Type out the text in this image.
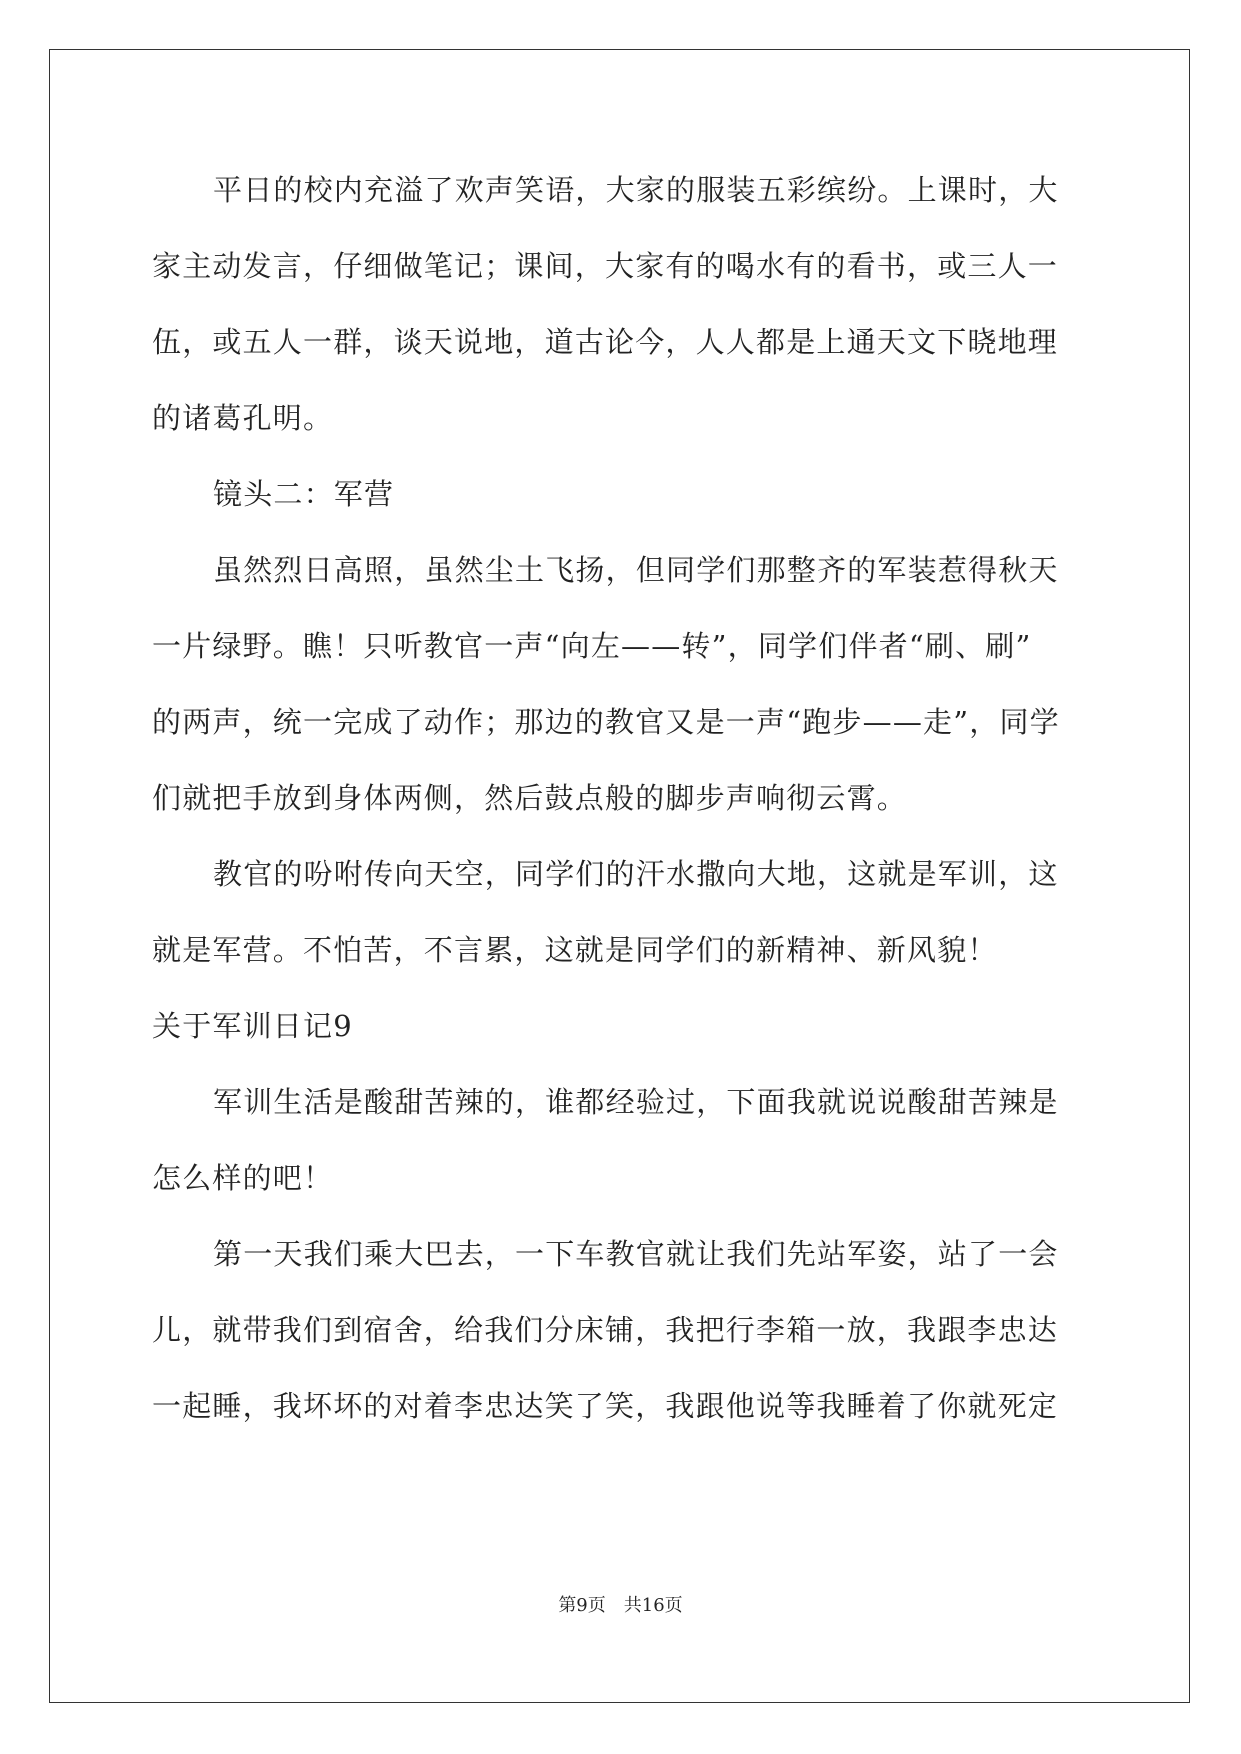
平日的校内充溢了欢声笑语，大家的服装五彩缤纷。上课时，大
家主动发言，仔细做笔记；课间，大家有的喝水有的看书，或三人一
伍，或五人一群，谈天说地，道古论今，人人都是上通天文下晓地理
的诸葛孔明。
镜头二：军营
虽然烈日高照，虽然尘土飞扬，但同学们那整齐的军装惹得秋天
一片绿野。瞧！只听教官一声“向左——转”，同学们伴者“刷、刷”
的两声，统一完成了动作；那边的教官又是一声“跑步——走”，同学
们就把手放到身体两侧，然后鼓点般的脚步声响彻云霄。
教官的吩咐传向天空，同学们的汗水撒向大地，这就是军训，这
就是军营。不怕苦，不言累，这就是同学们的新精神、新风貌！
关于军训日记9
军训生活是酸甜苦辣的，谁都经验过，下面我就说说酸甜苦辣是
怎么样的吧！
第一天我们乘大巴去，一下车教官就让我们先站军姿，站了一会
儿，就带我们到宿舍，给我们分床铺，我把行李箱一放，我跟李忠达
一起睡，我坏坏的对着李忠达笑了笑，我跟他说等我睡着了你就死定
第9页　共16页
